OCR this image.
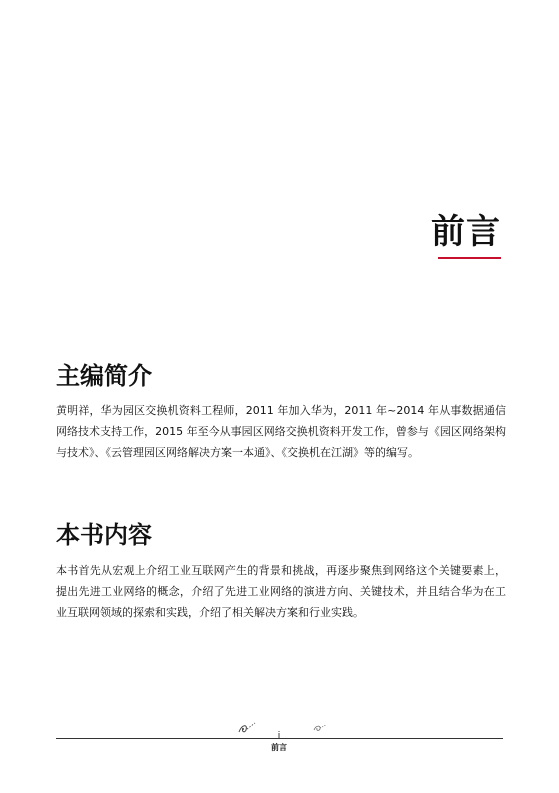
前言
主编简介

黄明祥，华为园区交换机资料工程师，2011 年加入华为，2011 年~2014 年从事数据通信网络技术支持工作，2015 年至今从事园区网络交换机资料开发工作，曾参与《园区网络架构与技术》、《云管理园区网络解决方案一本通》、《交换机在江湖》等的编写。

本书内容

本书首先从宏观上介绍工业互联网产生的背景和挑战，再逐步聚焦到网络这个关键要素上，提出先进工业网络的概念，介绍了先进工业网络的演进方向、关键技术，并且结合华为在工业互联网领域的探索和实践，介绍了相关解决方案和行业实践。

i
前言
